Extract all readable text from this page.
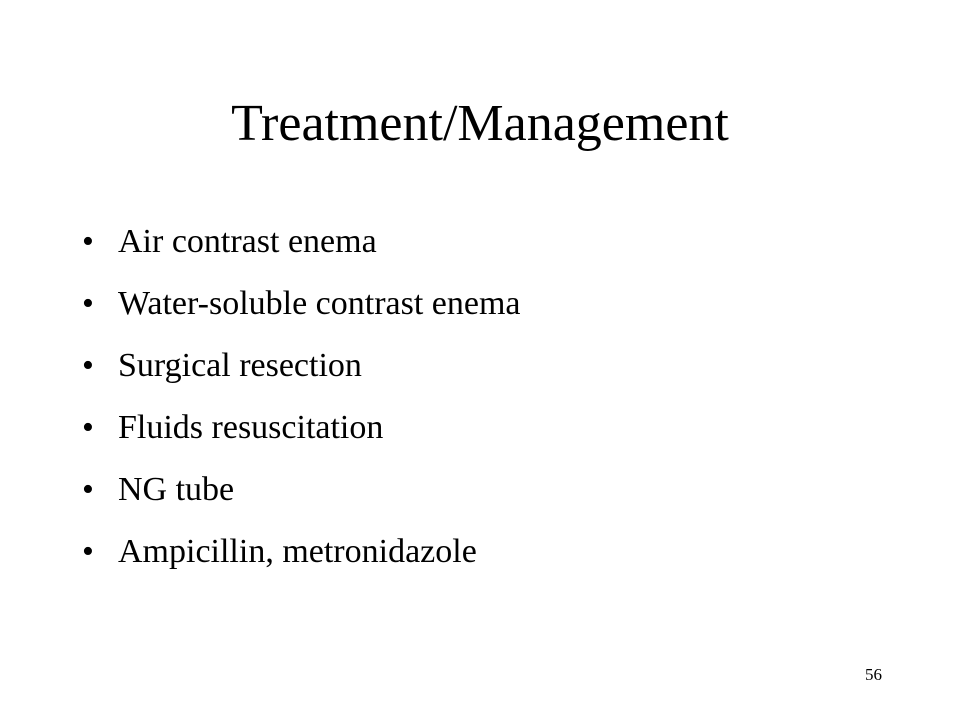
Treatment/Management
• Air contrast enema
• Water-soluble contrast enema
• Surgical resection
• Fluids resuscitation
• NG tube
• Ampicillin, metronidazole
56
